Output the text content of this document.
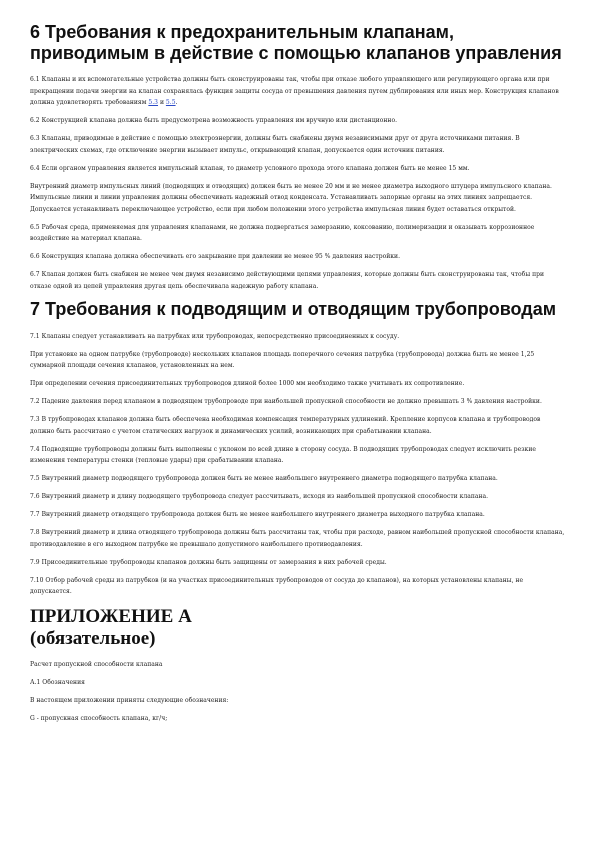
6 Требования к предохранительным клапанам, приводимым в действие с помощью клапанов управления
6.1 Клапаны и их вспомогательные устройства должны быть сконструированы так, чтобы при отказе любого управляющего или регулирующего органа или при прекращении подачи энергии на клапан сохранялась функция защиты сосуда от превышения давления путем дублирования или иных мер. Конструкция клапанов должна удовлетворять требованиям 5.3 и 5.5.
6.2 Конструкцией клапана должна быть предусмотрена возможность управления им вручную или дистанционно.
6.3 Клапаны, приводимые в действие с помощью электроэнергии, должны быть снабжены двумя независимыми друг от друга источниками питания. В электрических схемах, где отключение энергии вызывает импульс, открывающий клапан, допускается один источник питания.
6.4 Если органом управления является импульсный клапан, то диаметр условного прохода этого клапана должен быть не менее 15 мм.
Внутренний диаметр импульсных линий (подводящих и отводящих) должен быть не менее 20 мм и не менее диаметра выходного штуцера импульсного клапана. Импульсные линии и линии управления должны обеспечивать надежный отвод конденсата. Устанавливать запорные органы на этих линиях запрещается. Допускается устанавливать переключающее устройство, если при любом положении этого устройства импульсная линия будет оставаться открытой.
6.5 Рабочая среда, применяемая для управления клапанами, не должна подвергаться замерзанию, коксованию, полимеризации и оказывать коррозионное воздействие на материал клапана.
6.6 Конструкция клапана должна обеспечивать его закрывание при давлении не менее 95 % давления настройки.
6.7 Клапан должен быть снабжен не менее чем двумя независимо действующими цепями управления, которые должны быть сконструированы так, чтобы при отказе одной из цепей управления другая цепь обеспечивала надежную работу клапана.
7 Требования к подводящим и отводящим трубопроводам
7.1 Клапаны следует устанавливать на патрубках или трубопроводах, непосредственно присоединенных к сосуду.
При установке на одном патрубке (трубопроводе) нескольких клапанов площадь поперечного сечения патрубка (трубопровода) должна быть не менее 1,25 суммарной площади сечения клапанов, установленных на нем.
При определении сечения присоединительных трубопроводов длиной более 1000 мм необходимо также учитывать их сопротивление.
7.2 Падение давления перед клапаном в подводящем трубопроводе при наибольшей пропускной способности не должно превышать 3 % давления настройки.
7.3 В трубопроводах клапанов должна быть обеспечена необходимая компенсация температурных удлинений. Крепление корпусов клапана и трубопроводов должно быть рассчитано с учетом статических нагрузок и динамических усилий, возникающих при срабатывании клапана.
7.4 Подводящие трубопроводы должны быть выполнены с уклоном по всей длине в сторону сосуда. В подводящих трубопроводах следует исключить резкие изменения температуры стенки (тепловые удары) при срабатывании клапана.
7.5 Внутренний диаметр подводящего трубопровода должен быть не менее наибольшего внутреннего диаметра подводящего патрубка клапана.
7.6 Внутренний диаметр и длину подводящего трубопровода следует рассчитывать, исходя из наибольшей пропускной способности клапана.
7.7 Внутренний диаметр отводящего трубопровода должен быть не менее наибольшего внутреннего диаметра выходного патрубка клапана.
7.8 Внутренний диаметр и длина отводящего трубопровода должны быть рассчитаны так, чтобы при расходе, равном наибольшей пропускной способности клапана, противодавление в его выходном патрубке не превышало допустимого наибольшего противодавления.
7.9 Присоединительные трубопроводы клапанов должны быть защищены от замерзания в них рабочей среды.
7.10 Отбор рабочей среды из патрубков (и на участках присоединительных трубопроводов от сосуда до клапанов), на которых установлены клапаны, не допускается.
ПРИЛОЖЕНИЕ А
(обязательное)
Расчет пропускной способности клапана
А.1 Обозначения
В настоящем приложении приняты следующие обозначения:
G - пропускная способность клапана, кг/ч;
